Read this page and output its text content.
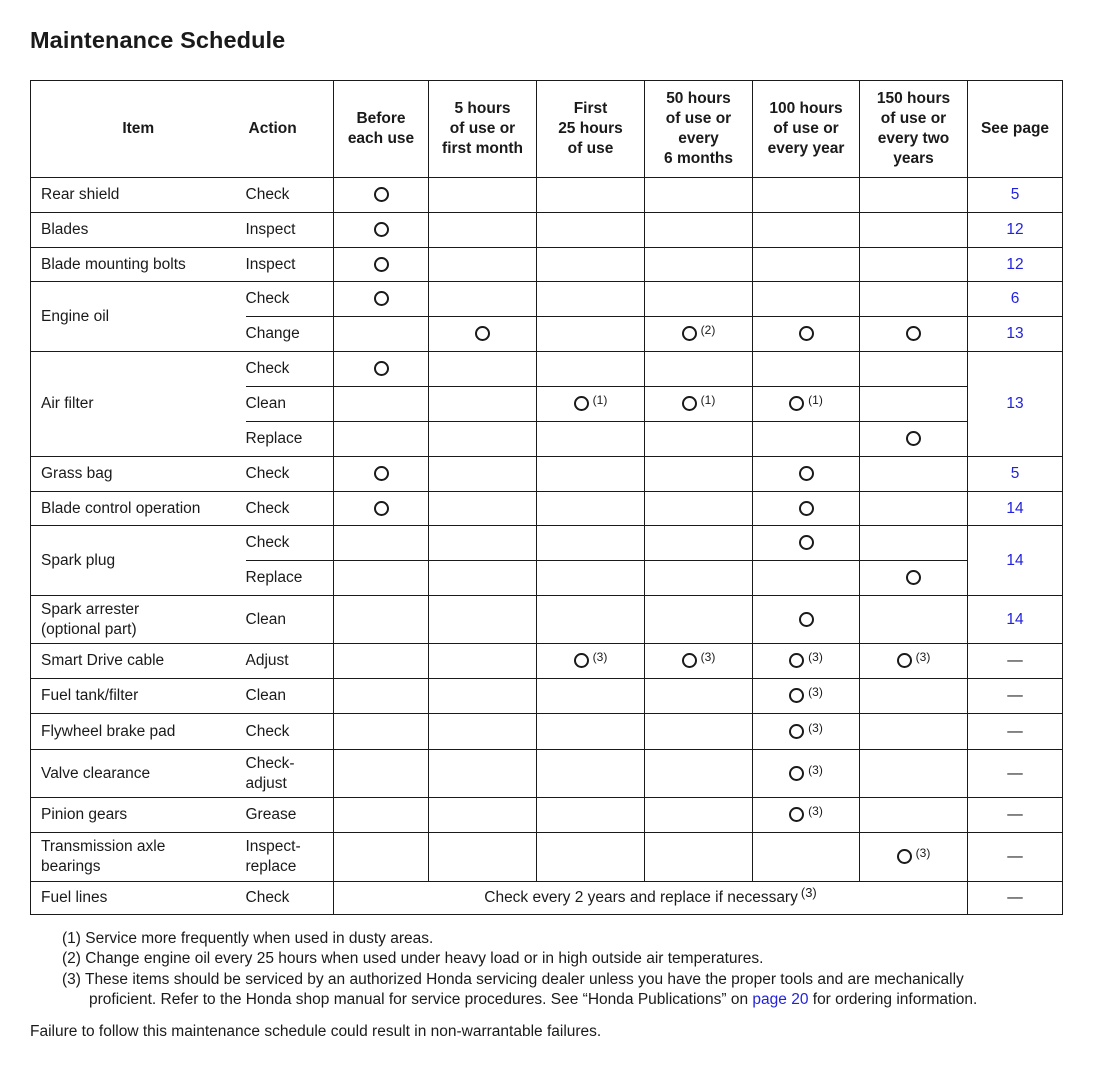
Maintenance Schedule
Item	Action	Before
each use	5 hours
of use or
first month	First
25 hours
of use	50 hours
of use or
every
6 months	100 hours
of use or
every year	150 hours
of use or
every two
years	See page
Rear shield	Check							5
Blades	Inspect							12
Blade mounting bolts	Inspect							12
Engine oil	Check							6
	Change				$^{(2)}$			13
Air filter	Check							13
	Clean			$^{(1)}$	$^{(1)}$	$^{(1)}$	
	Replace							
Grass bag	Check							5
Blade control operation	Check							14
Spark plug	Check							14
	Replace							
Spark arrester
(optional part)	Clean							14
Smart Drive cable	Adjust			$^{(3)}$	$^{(3)}$	$^{(3)}$	$^{(3)}$	—
Fuel tank/filter	Clean					$^{(3)}$		—
Flywheel brake pad	Check					$^{(3)}$		—
Valve clearance	Check-
adjust					$^{(3)}$		—
Pinion gears	Grease					$^{(3)}$		—
Transmission axle
bearings	Inspect-
replace						$^{(3)}$	—
Fuel lines	Check	Check every 2 years and replace if necessary $^{(3)}$						—
(1) Service more frequently when used in dusty areas.
(2) Change engine oil every 25 hours when used under heavy load or in high outside air temperatures.
(3) These items should be serviced by an authorized Honda servicing dealer unless you have the proper tools and are mechanically
proficient. Refer to the Honda shop manual for service procedures. See “Honda Publications” on page 20 for ordering information.

Failure to follow this maintenance schedule could result in non-warrantable failures.
